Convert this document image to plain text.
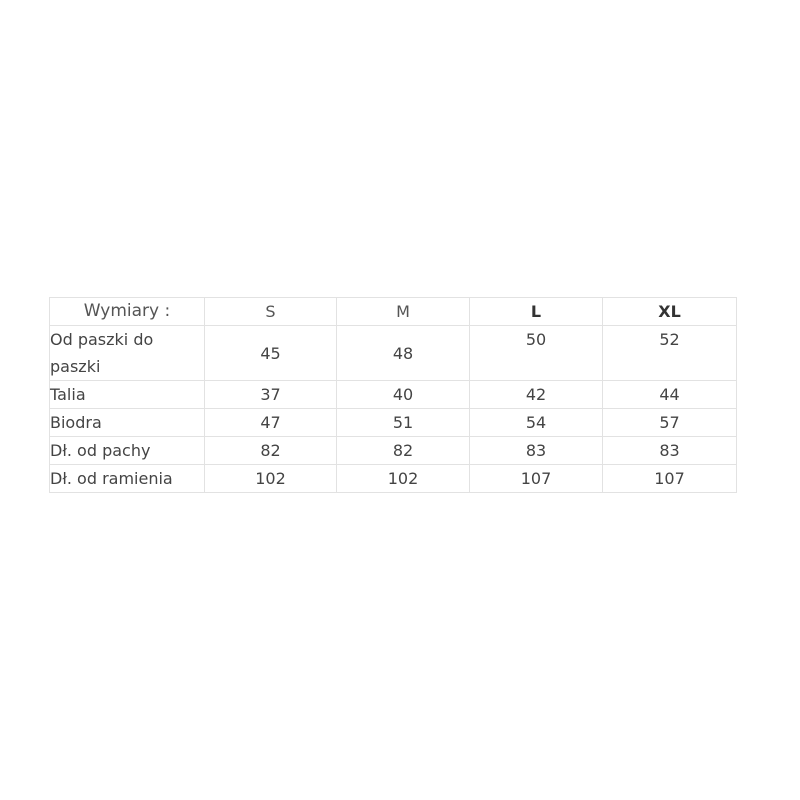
Wymiary :	S	M	L	XL
Od paszki do paszki	45	48	50	52
Talia	37	40	42	44
Biodra	47	51	54	57
Dł. od pachy	82	82	83	83
Dł. od ramienia	102	102	107	107
